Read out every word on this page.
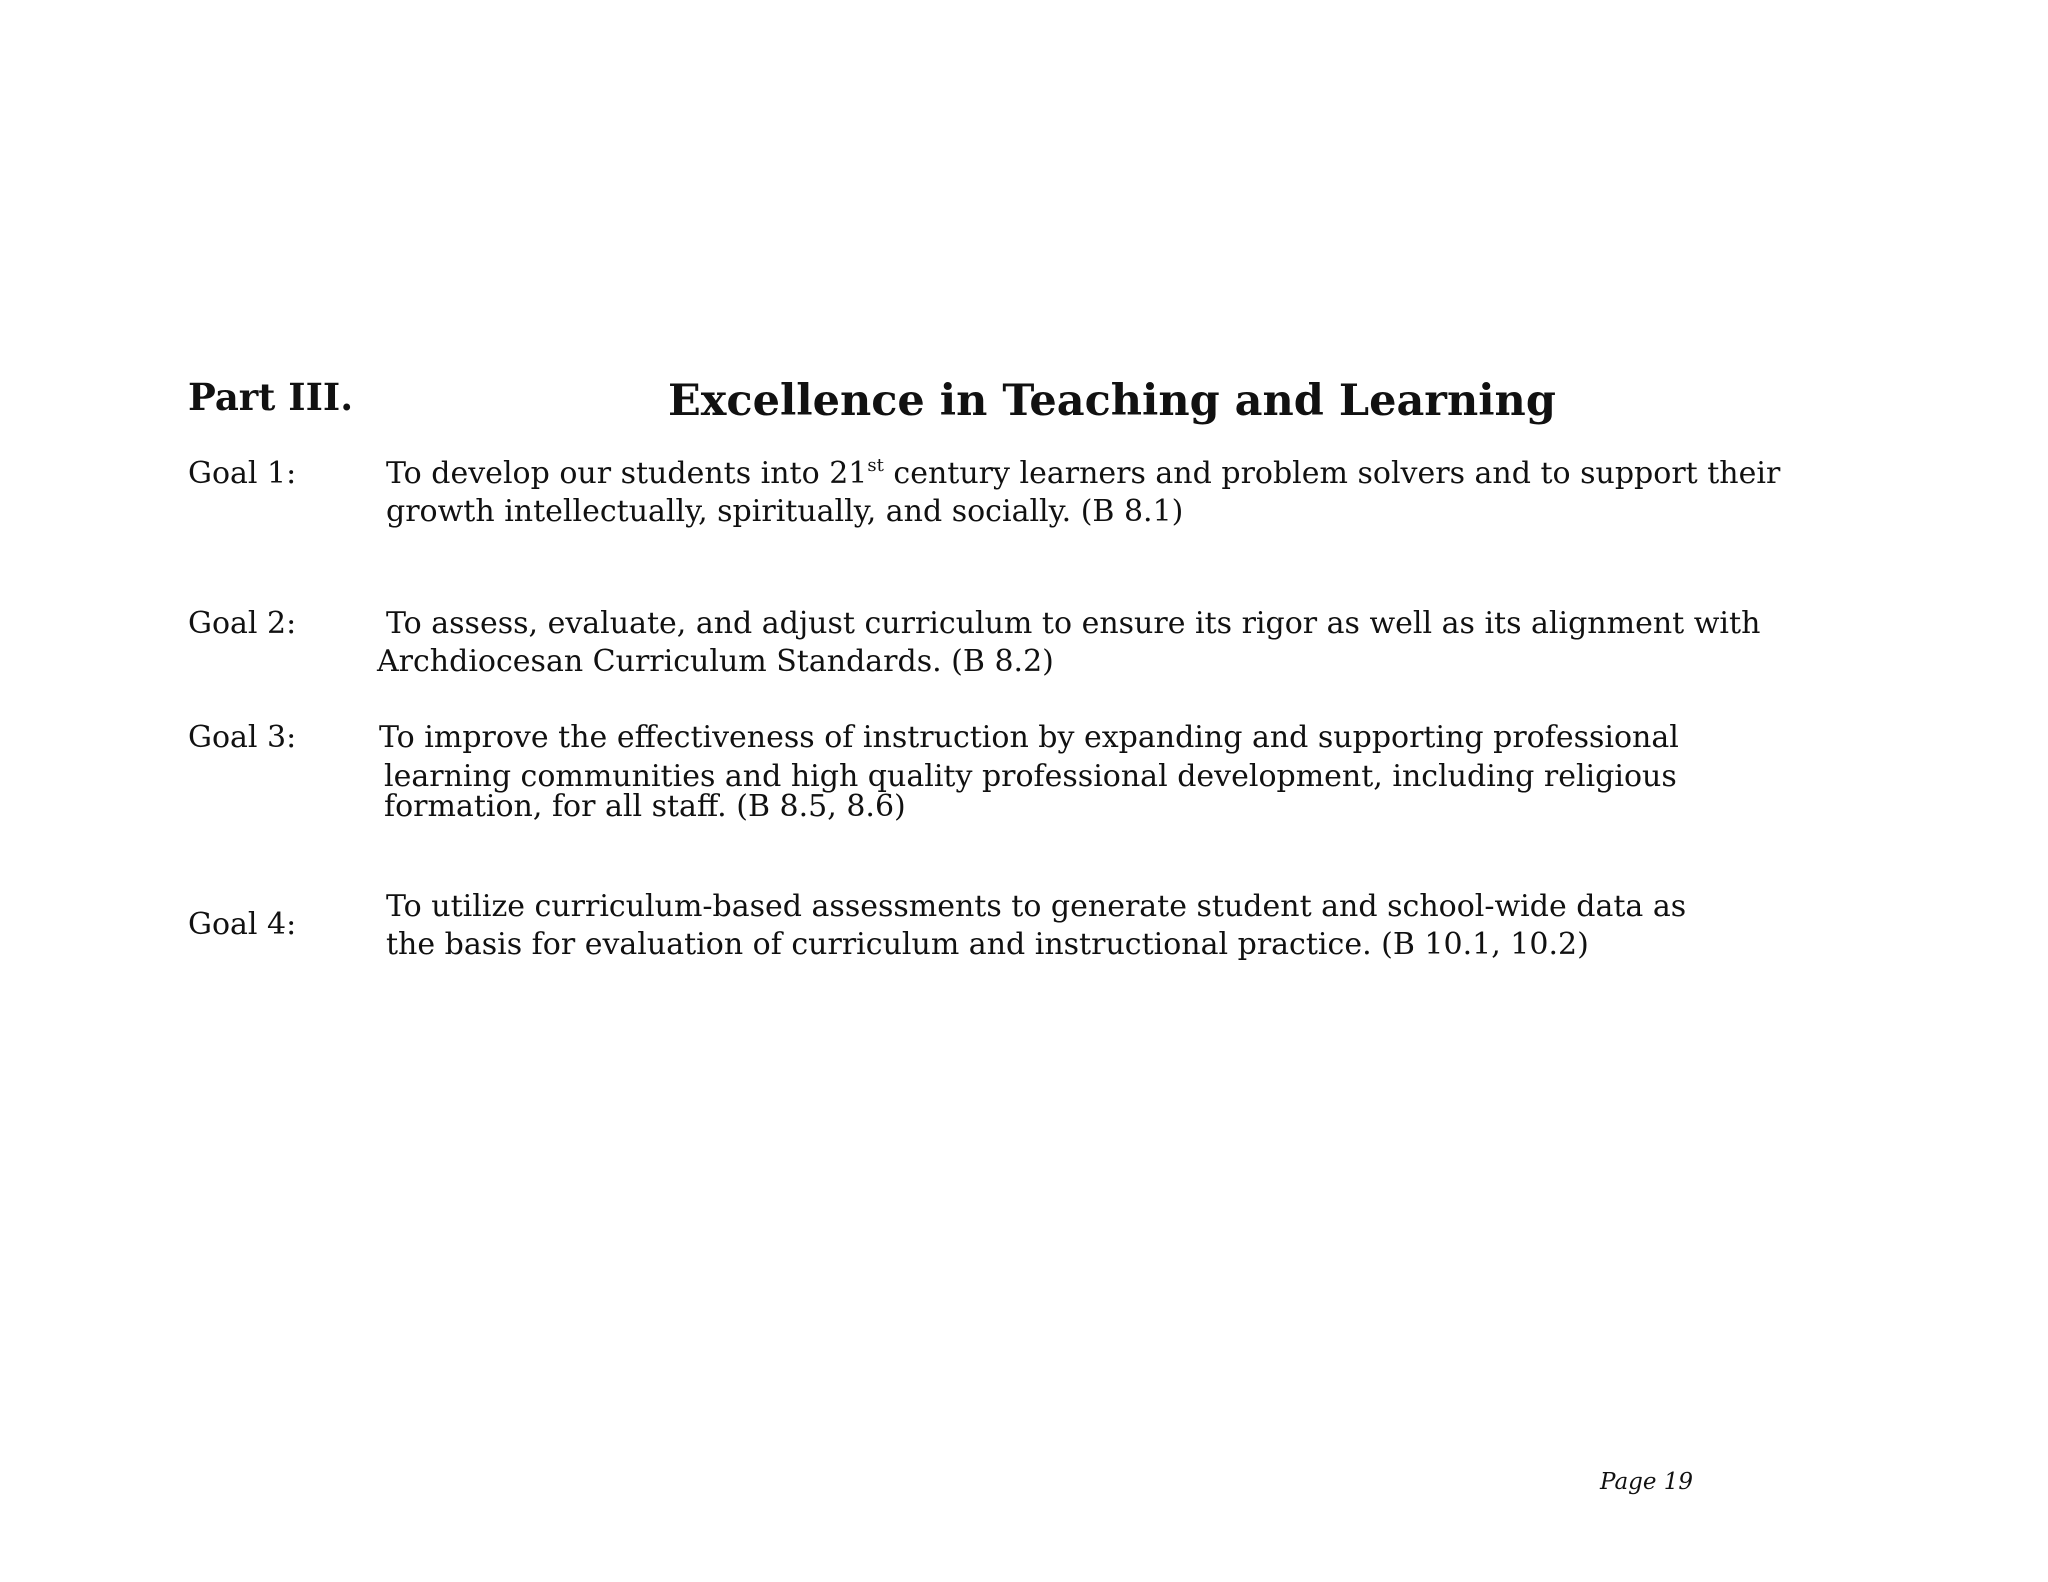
Part III.	Excellence in Teaching and Learning
Goal 1:	To develop our students into 21st century learners and problem solvers and to support their
growth intellectually, spiritually, and socially. (B 8.1)
Goal 2:	To assess, evaluate, and adjust curriculum to ensure its rigor as well as its alignment with
Archdiocesan Curriculum Standards. (B 8.2)
Goal 3:	To improve the effectiveness of instruction by expanding and supporting professional
learning communities and high quality professional development, including religious
formation, for all staff. (B 8.5, 8.6)
Goal 4:
To utilize curriculum-based assessments to generate student and school-wide data as
the basis for evaluation of curriculum and instructional practice. (B 10.1, 10.2)
Page 19
